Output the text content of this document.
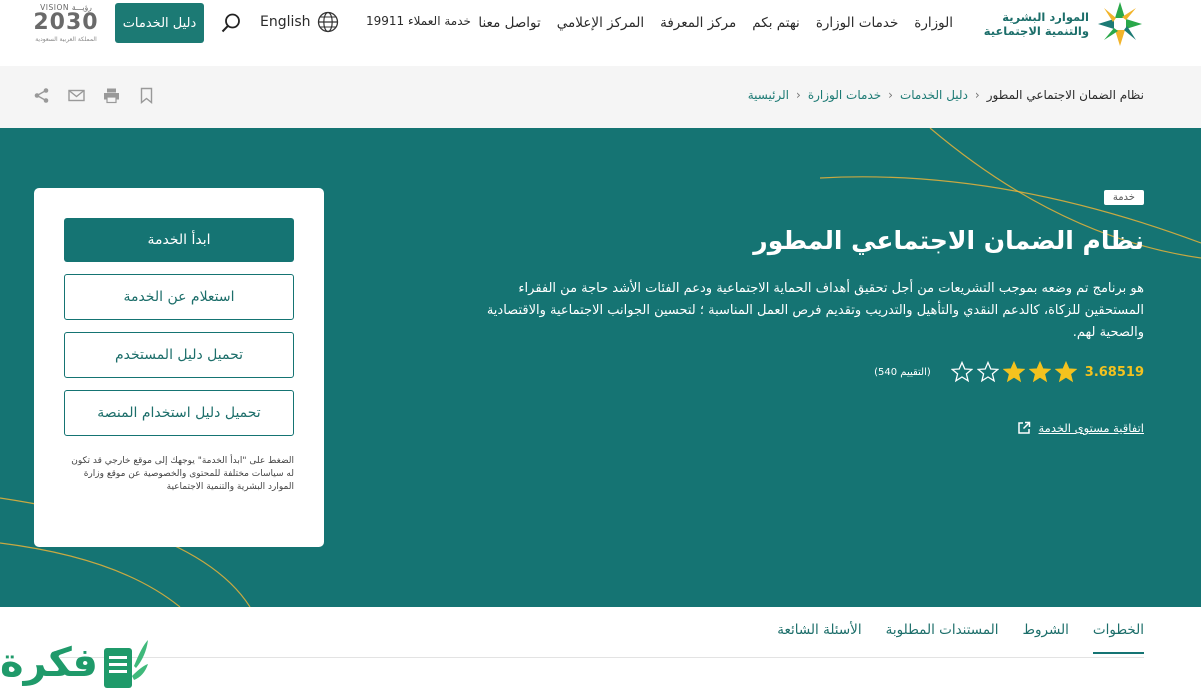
الموارد البشرية
والتنمية الاجتماعية
الوزارة
خدمات الوزارة
نهتم بكم
مركز المعرفة
المركز الإعلامي
تواصل معنا
خدمة العملاء 19911
English
دليل الخدمات
VISION رؤيـــة
2030
المملكة العربية السعودية
الرئيسية ‹ خدمات الوزارة ‹ دليل الخدمات ‹ نظام الضمان الاجتماعي المطور
خدمة
نظام الضمان الاجتماعي المطور
هو برنامج تم وضعه بموجب التشريعات من أجل تحقيق أهداف الحماية الاجتماعية ودعم الفئات الأشد حاجة من الفقراء المستحقين للزكاة، كالدعم النقدي والتأهيل والتدريب وتقديم فرص العمل المناسبة ؛ لتحسين الجوانب الاجتماعية والاقتصادية والصحية لهم.
3.68519
(التقييم 540)
اتفاقية مستوى الخدمة
ابدأ الخدمة
استعلام عن الخدمة
تحميل دليل المستخدم
تحميل دليل استخدام المنصة
الضغط على "ابدأ الخدمة" يوجهك إلى موقع خارجي قد تكون له سياسات مختلفة للمحتوى والخصوصية عن موقع وزارة الموارد البشرية والتنمية الاجتماعية
الخطوات
الشروط
المستندات المطلوبة
الأسئلة الشائعة
فكرة
